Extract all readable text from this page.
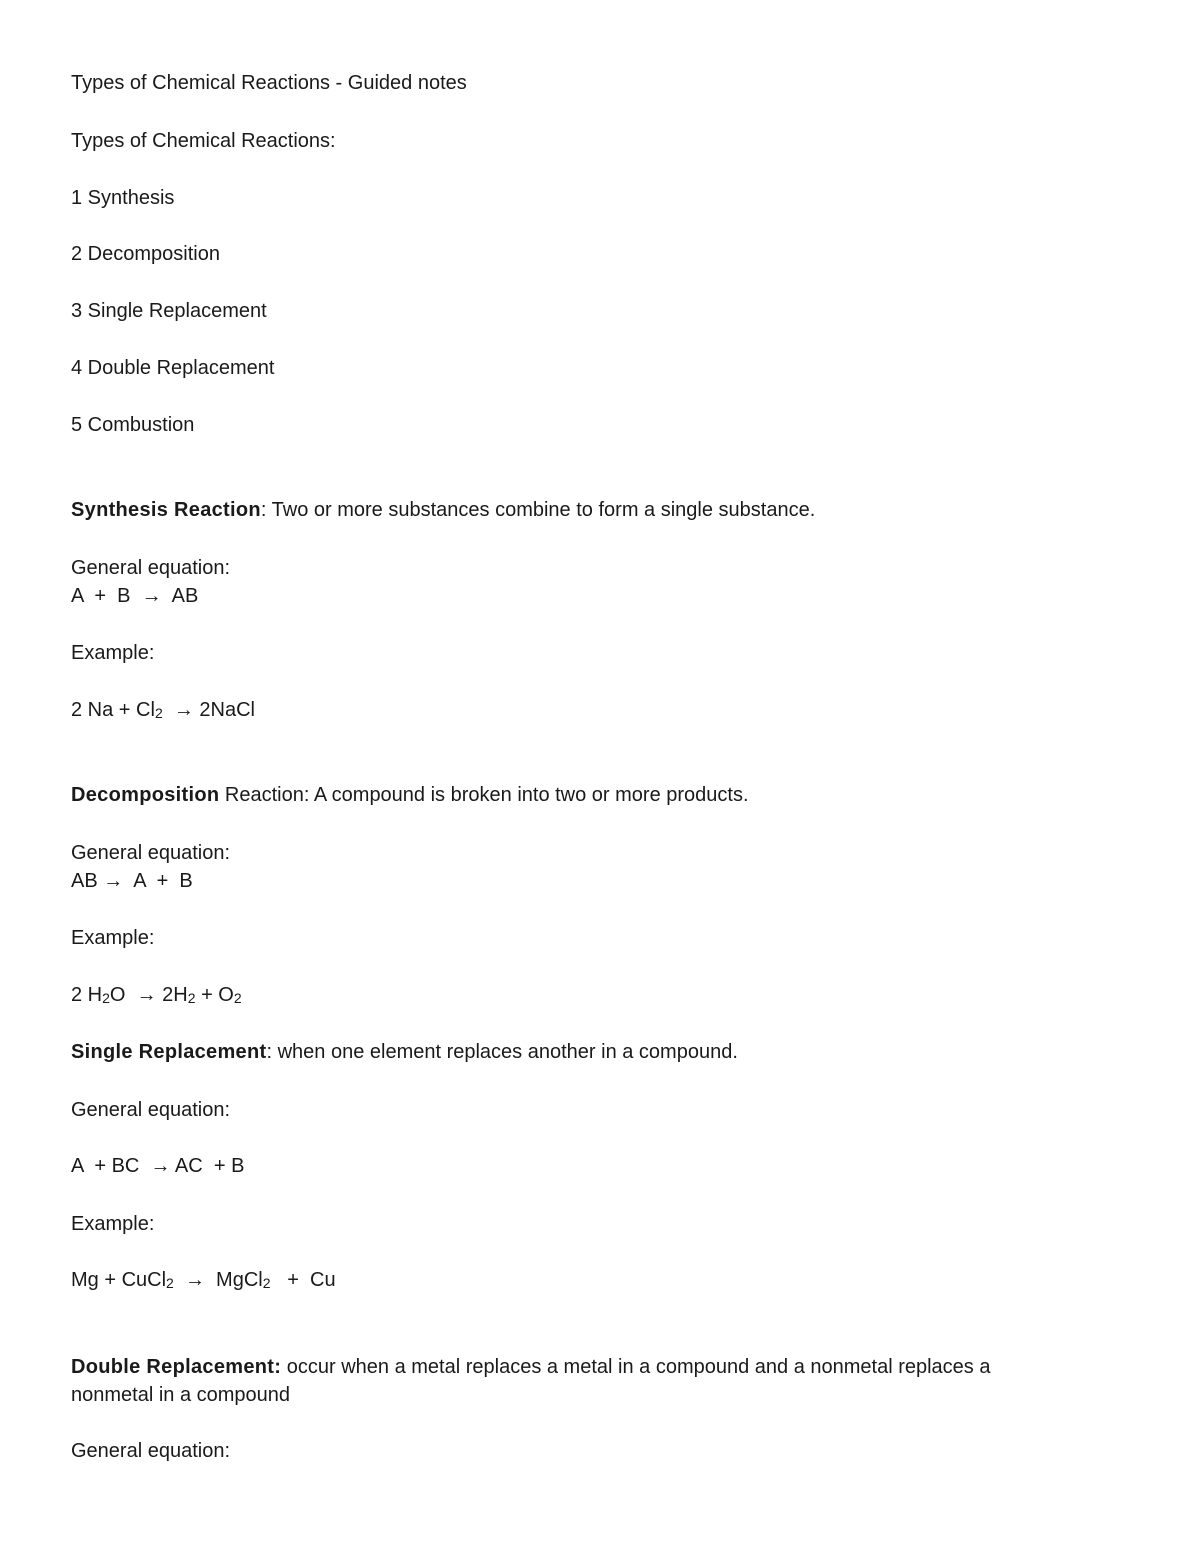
Types of Chemical Reactions - Guided notes
Types of Chemical Reactions:
1 Synthesis
2 Decomposition
3 Single Replacement
4 Double Replacement
5 Combustion
Synthesis Reaction: Two or more substances combine to form a single substance.
General equation:
A  +  B  →  AB
Example:
2 Na + Cl2  → 2NaCl
Decomposition Reaction: A compound is broken into two or more products.
General equation:
AB →  A  +  B
Example:
2 H2O  → 2H2 + O2
Single Replacement: when one element replaces another in a compound.
General equation:
A  + BC  → AC  + B
Example:
Mg + CuCl2  →  MgCl2   +  Cu
Double Replacement: occur when a metal replaces a metal in a compound and a nonmetal replaces a nonmetal in a compound
General equation:
